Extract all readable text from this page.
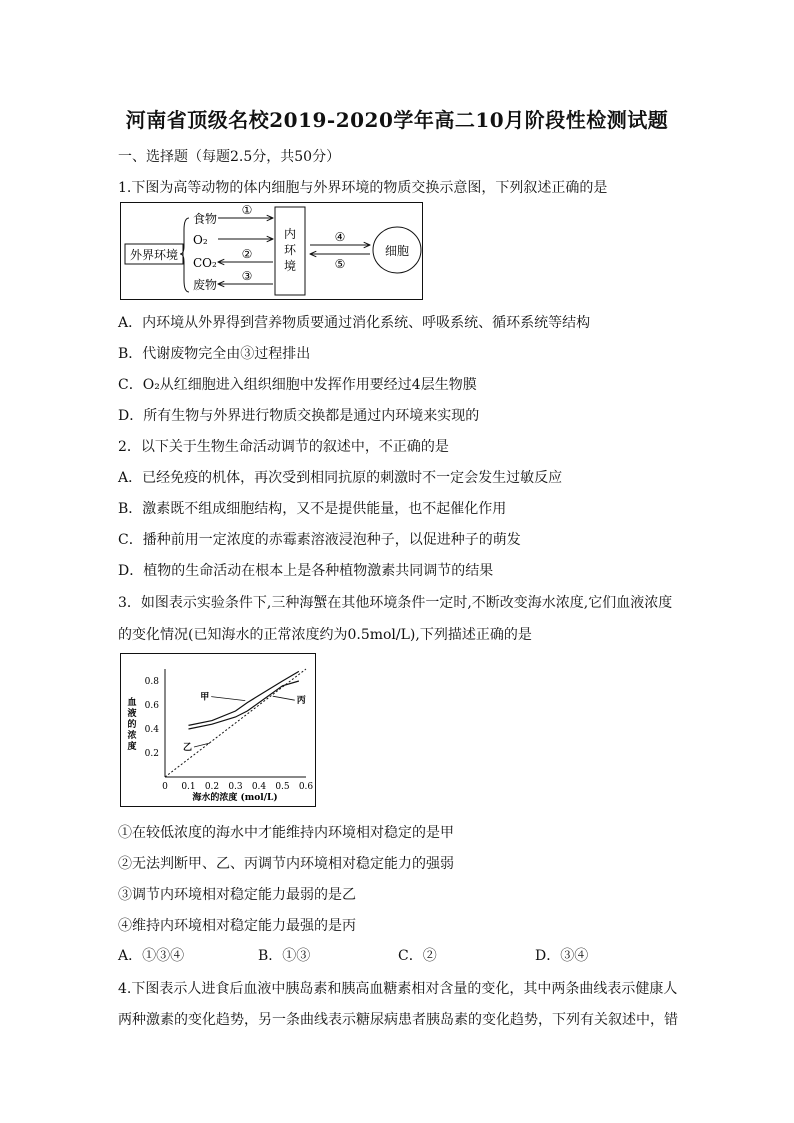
河南省顶级名校2019-2020学年高二10月阶段性检测试题
一、选择题（每题2.5分，共50分）
1.下图为高等动物的体内细胞与外界环境的物质交换示意图，下列叙述正确的是
外界环境
食物
O₂
CO₂
废物
①
②
③
内
环
境
④
⑤
细胞
A．内环境从外界得到营养物质要通过消化系统、呼吸系统、循环系统等结构
B．代谢废物完全由③过程排出
C．O₂从红细胞进入组织细胞中发挥作用要经过4层生物膜
D．所有生物与外界进行物质交换都是通过内环境来实现的
2．以下关于生物生命活动调节的叙述中，不正确的是
A．已经免疫的机体，再次受到相同抗原的刺激时不一定会发生过敏反应
B．激素既不组成细胞结构，又不是提供能量，也不起催化作用
C．播种前用一定浓度的赤霉素溶液浸泡种子，以促进种子的萌发
D．植物的生命活动在根本上是各种植物激素共同调节的结果
3．如图表示实验条件下,三种海蟹在其他环境条件一定时,不断改变海水浓度,它们血液浓度
的变化情况(已知海水的正常浓度约为0.5mol/L),下列描述正确的是
血
液
的
浓
度
海水的浓度 (mol/L)
0 0.1 0.2 0.3 0.4 0.5 0.6
0.2
0.4
0.6
0.8
甲
乙
丙
①在较低浓度的海水中才能维持内环境相对稳定的是甲
②无法判断甲、乙、丙调节内环境相对稳定能力的强弱
③调节内环境相对稳定能力最弱的是乙
④维持内环境相对稳定能力最强的是丙
A．①③④	B．①③	C．②	D．③④
4.下图表示人进食后血液中胰岛素和胰高血糖素相对含量的变化，其中两条曲线表示健康人
两种激素的变化趋势，另一条曲线表示糖尿病患者胰岛素的变化趋势，下列有关叙述中，错
